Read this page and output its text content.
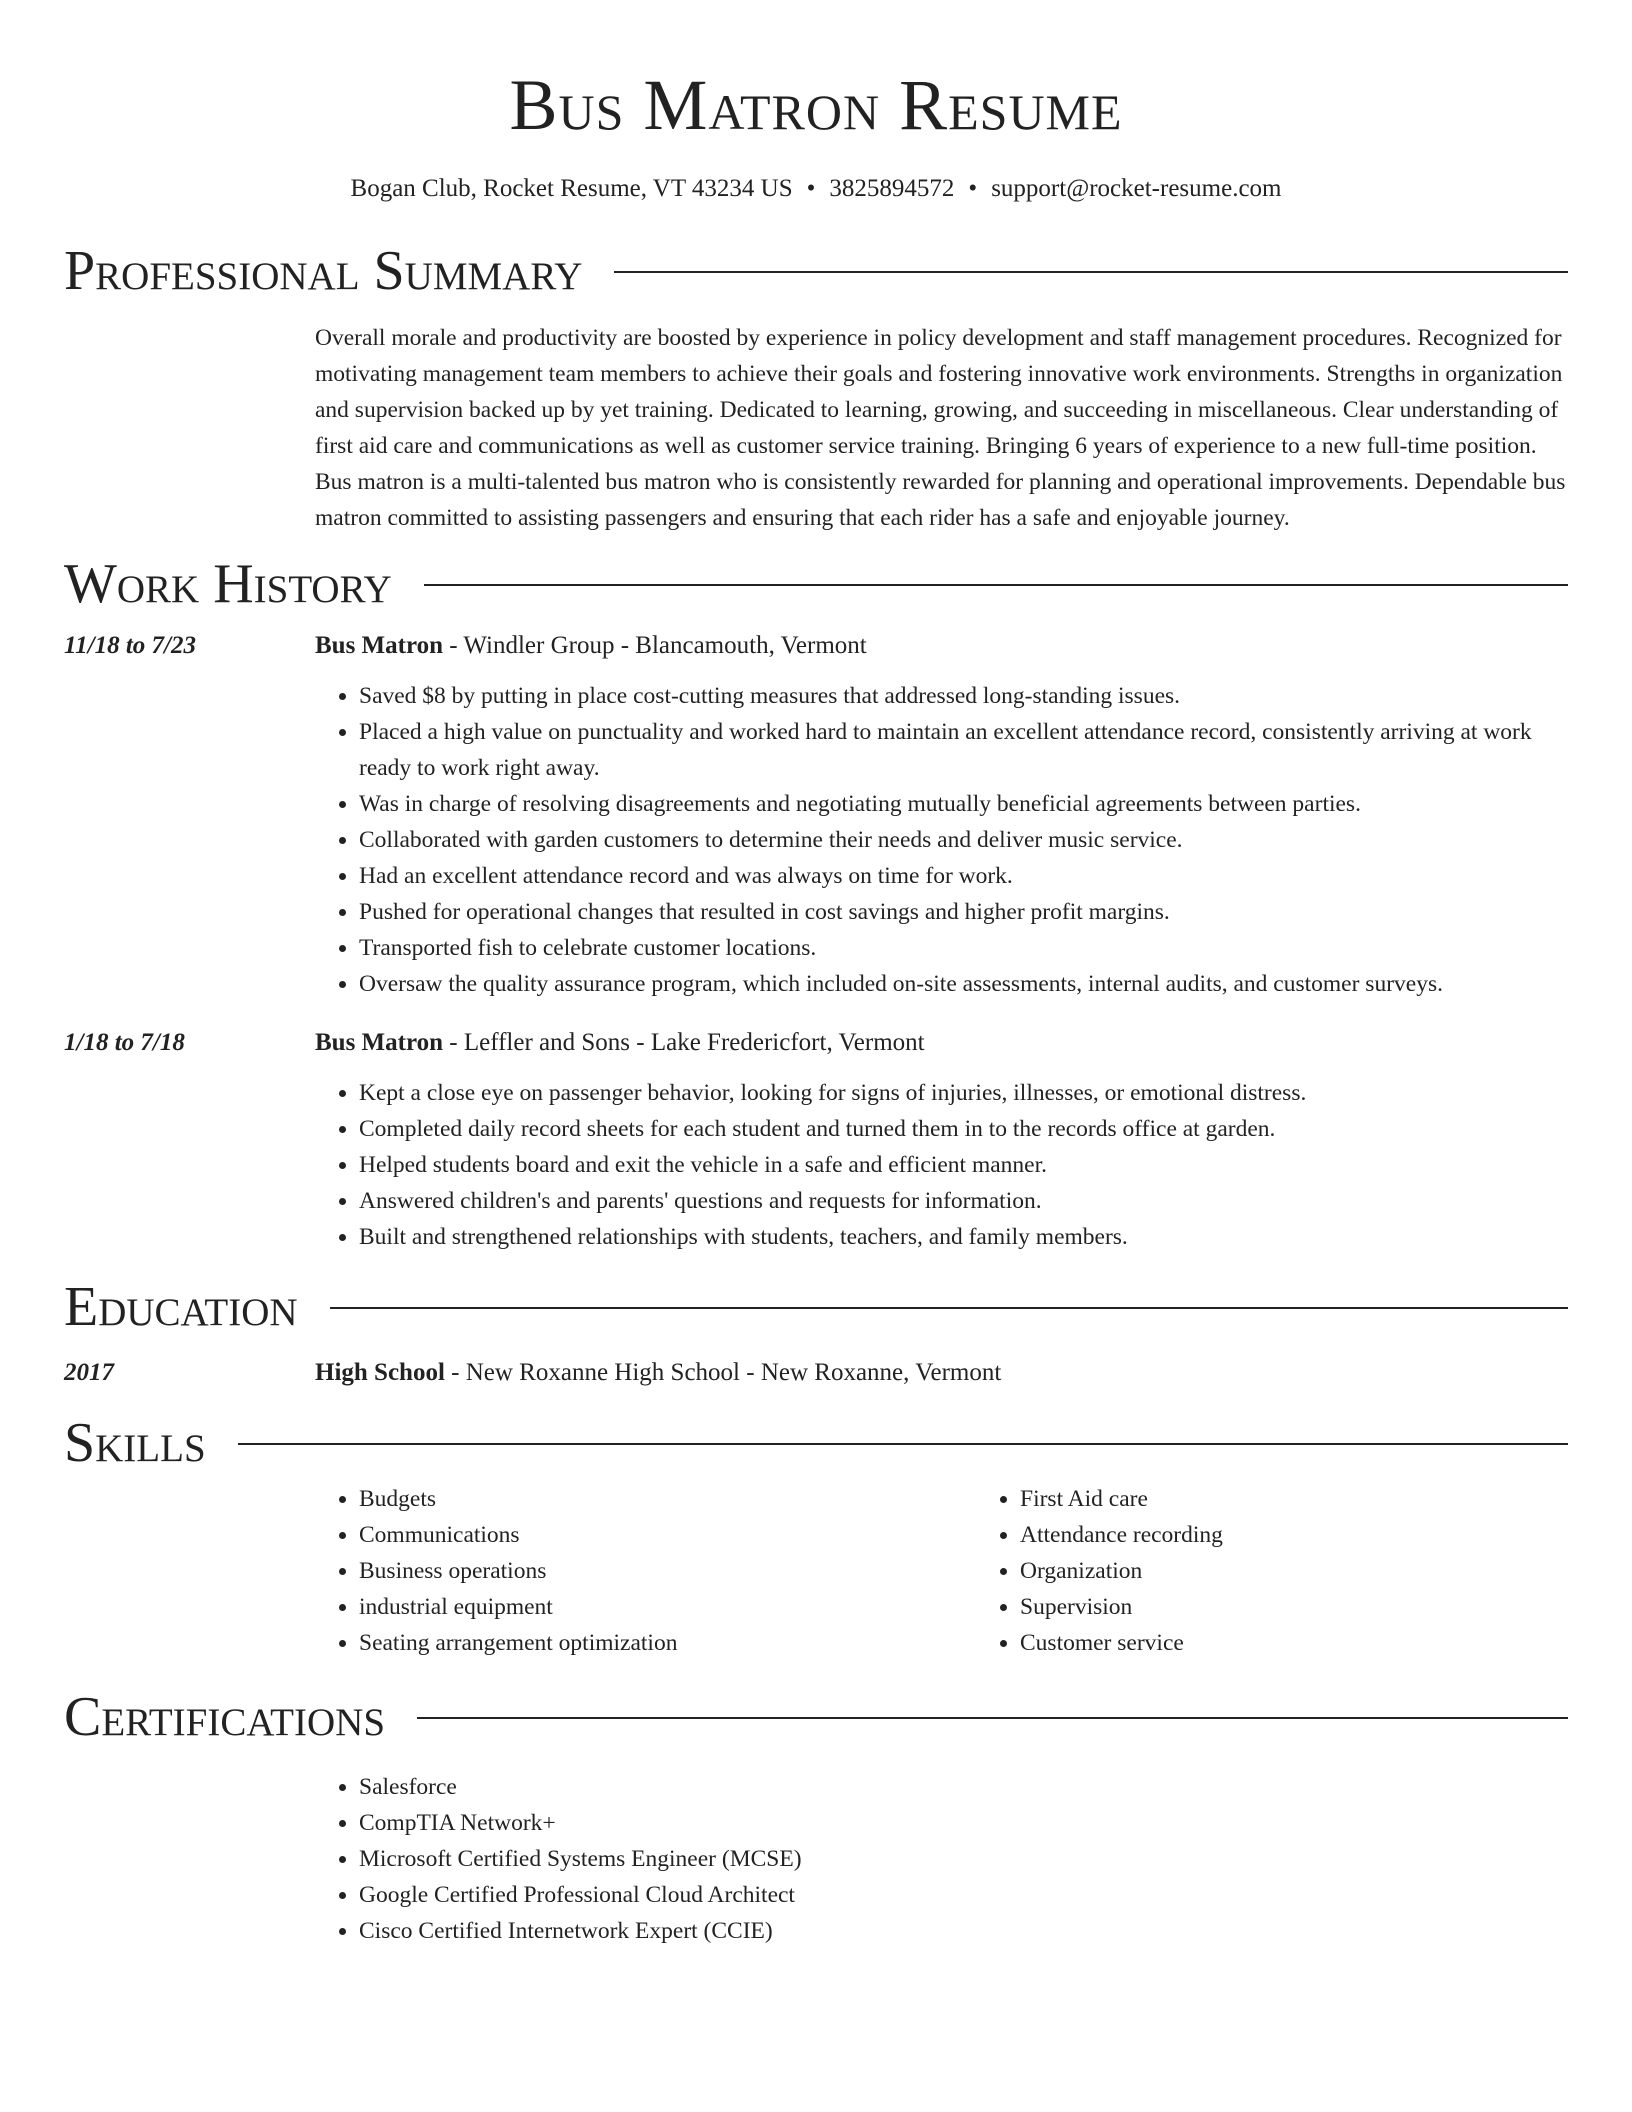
Bus Matron Resume
Bogan Club, Rocket Resume, VT 43234 US • 3825894572 • support@rocket-resume.com
Professional Summary
Overall morale and productivity are boosted by experience in policy development and staff management procedures. Recognized for motivating management team members to achieve their goals and fostering innovative work environments. Strengths in organization and supervision backed up by yet training. Dedicated to learning, growing, and succeeding in miscellaneous. Clear understanding of first aid care and communications as well as customer service training. Bringing 6 years of experience to a new full-time position. Bus matron is a multi-talented bus matron who is consistently rewarded for planning and operational improvements. Dependable bus matron committed to assisting passengers and ensuring that each rider has a safe and enjoyable journey.
Work History
11/18 to 7/23	Bus Matron - Windler Group - Blancamouth, Vermont
• Saved $8 by putting in place cost-cutting measures that addressed long-standing issues.
• Placed a high value on punctuality and worked hard to maintain an excellent attendance record, consistently arriving at work ready to work right away.
• Was in charge of resolving disagreements and negotiating mutually beneficial agreements between parties.
• Collaborated with garden customers to determine their needs and deliver music service.
• Had an excellent attendance record and was always on time for work.
• Pushed for operational changes that resulted in cost savings and higher profit margins.
• Transported fish to celebrate customer locations.
• Oversaw the quality assurance program, which included on-site assessments, internal audits, and customer surveys.
1/18 to 7/18	Bus Matron - Leffler and Sons - Lake Fredericfort, Vermont
• Kept a close eye on passenger behavior, looking for signs of injuries, illnesses, or emotional distress.
• Completed daily record sheets for each student and turned them in to the records office at garden.
• Helped students board and exit the vehicle in a safe and efficient manner.
• Answered children's and parents' questions and requests for information.
• Built and strengthened relationships with students, teachers, and family members.
Education
2017	High School - New Roxanne High School - New Roxanne, Vermont
Skills
• Budgets
• Communications
• Business operations
• industrial equipment
• Seating arrangement optimization
• First Aid care
• Attendance recording
• Organization
• Supervision
• Customer service
Certifications
• Salesforce
• CompTIA Network+
• Microsoft Certified Systems Engineer (MCSE)
• Google Certified Professional Cloud Architect
• Cisco Certified Internetwork Expert (CCIE)
